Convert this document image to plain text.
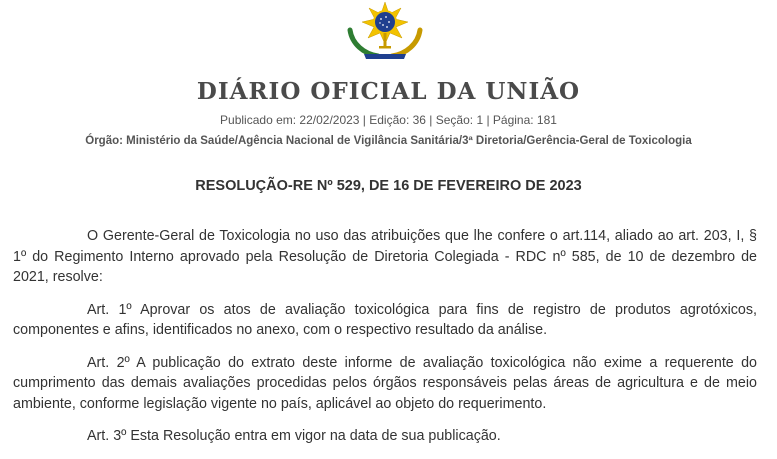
DIÁRIO OFICIAL DA UNIÃO
Publicado em: 22/02/2023 | Edição: 36 | Seção: 1 | Página: 181
Órgão: Ministério da Saúde/Agência Nacional de Vigilância Sanitária/3ª Diretoria/Gerência-Geral de Toxicologia
RESOLUÇÃO-RE Nº 529, DE 16 DE FEVEREIRO DE 2023

O Gerente-Geral de Toxicologia no uso das atribuições que lhe confere o art.114, aliado ao art. 203, I, § 1º do Regimento Interno aprovado pela Resolução de Diretoria Colegiada - RDC nº 585, de 10 de dezembro de 2021, resolve:

Art. 1º Aprovar os atos de avaliação toxicológica para fins de registro de produtos agrotóxicos, componentes e afins, identificados no anexo, com o respectivo resultado da análise.

Art. 2º A publicação do extrato deste informe de avaliação toxicológica não exime a requerente do cumprimento das demais avaliações procedidas pelos órgãos responsáveis pelas áreas de agricultura e de meio ambiente, conforme legislação vigente no país, aplicável ao objeto do requerimento.

Art. 3º Esta Resolução entra em vigor na data de sua publicação.
